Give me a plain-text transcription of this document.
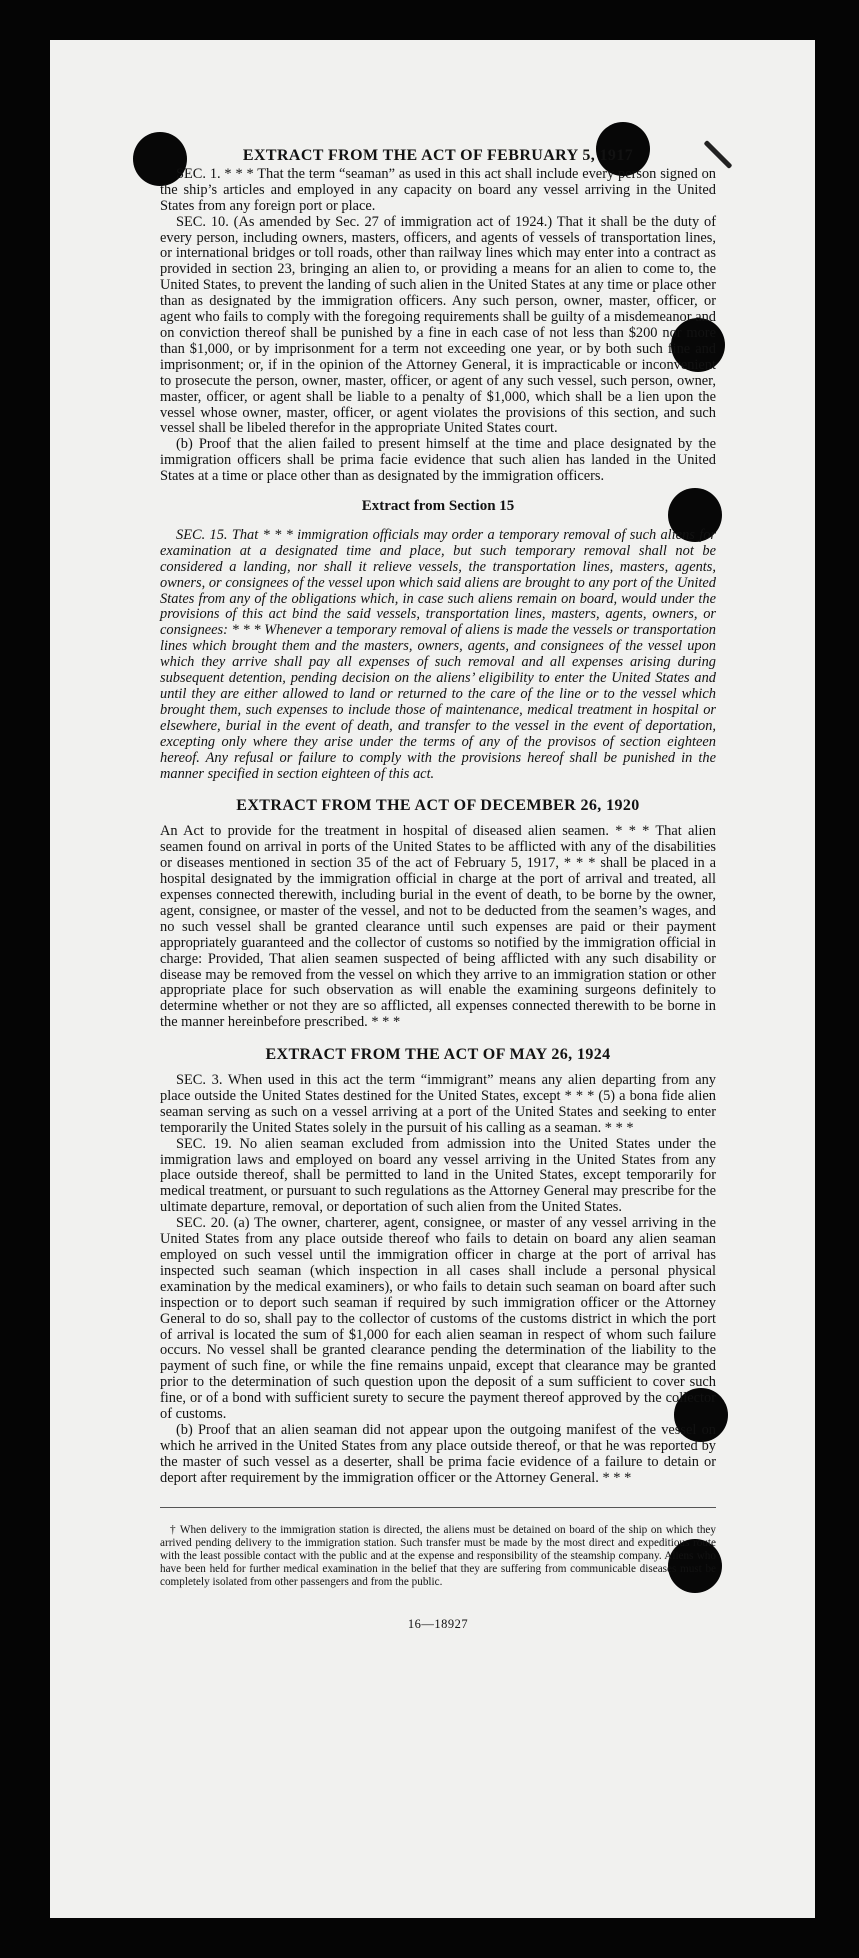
EXTRACT FROM THE ACT OF FEBRUARY 5, 1917

SEC. 1. * * * That the term “seaman” as used in this act shall include every person signed on the ship’s articles and employed in any capacity on board any vessel arriving in the United States from any foreign port or place.

SEC. 10. (As amended by Sec. 27 of immigration act of 1924.) That it shall be the duty of every person, including owners, masters, officers, and agents of vessels of transportation lines, or international bridges or toll roads, other than railway lines which may enter into a contract as provided in section 23, bringing an alien to, or providing a means for an alien to come to, the United States, to prevent the landing of such alien in the United States at any time or place other than as designated by the immigration officers. Any such person, owner, master, officer, or agent who fails to comply with the foregoing requirements shall be guilty of a misdemeanor and on conviction thereof shall be punished by a fine in each case of not less than $200 nor more than $1,000, or by imprisonment for a term not exceeding one year, or by both such fine and imprisonment; or, if in the opinion of the Attorney General, it is impracticable or inconvenient to prosecute the person, owner, master, officer, or agent of any such vessel, such person, owner, master, officer, or agent shall be liable to a penalty of $1,000, which shall be a lien upon the vessel whose owner, master, officer, or agent violates the provisions of this section, and such vessel shall be libeled therefor in the appropriate United States court.

(b) Proof that the alien failed to present himself at the time and place designated by the immigration officers shall be prima facie evidence that such alien has landed in the United States at a time or place other than as designated by the immigration officers.

Extract from Section 15

SEC. 15. That * * * immigration officials may order a temporary removal of such aliens for examination at a designated time and place, but such temporary removal shall not be considered a landing, nor shall it relieve vessels, the transportation lines, masters, agents, owners, or consignees of the vessel upon which said aliens are brought to any port of the United States from any of the obligations which, in case such aliens remain on board, would under the provisions of this act bind the said vessels, transportation lines, masters, agents, owners, or consignees: * * * Whenever a temporary removal of aliens is made the vessels or transportation lines which brought them and the masters, owners, agents, and consignees of the vessel upon which they arrive shall pay all expenses of such removal and all expenses arising during subsequent detention, pending decision on the aliens’ eligibility to enter the United States and until they are either allowed to land or returned to the care of the line or to the vessel which brought them, such expenses to include those of maintenance, medical treatment in hospital or elsewhere, burial in the event of death, and transfer to the vessel in the event of deportation, excepting only where they arise under the terms of any of the provisos of section eighteen hereof. Any refusal or failure to comply with the provisions hereof shall be punished in the manner specified in section eighteen of this act.

EXTRACT FROM THE ACT OF DECEMBER 26, 1920

An Act to provide for the treatment in hospital of diseased alien seamen. * * * That alien seamen found on arrival in ports of the United States to be afflicted with any of the disabilities or diseases mentioned in section 35 of the act of February 5, 1917, * * * shall be placed in a hospital designated by the immigration official in charge at the port of arrival and treated, all expenses connected therewith, including burial in the event of death, to be borne by the owner, agent, consignee, or master of the vessel, and not to be deducted from the seamen’s wages, and no such vessel shall be granted clearance until such expenses are paid or their payment appropriately guaranteed and the collector of customs so notified by the immigration official in charge: Provided, That alien seamen suspected of being afflicted with any such disability or disease may be removed from the vessel on which they arrive to an immigration station or other appropriate place for such observation as will enable the examining surgeons definitely to determine whether or not they are so afflicted, all expenses connected therewith to be borne in the manner hereinbefore prescribed. * * *

EXTRACT FROM THE ACT OF MAY 26, 1924

SEC. 3. When used in this act the term “immigrant” means any alien departing from any place outside the United States destined for the United States, except * * * (5) a bona fide alien seaman serving as such on a vessel arriving at a port of the United States and seeking to enter temporarily the United States solely in the pursuit of his calling as a seaman. * * *

SEC. 19. No alien seaman excluded from admission into the United States under the immigration laws and employed on board any vessel arriving in the United States from any place outside thereof, shall be permitted to land in the United States, except temporarily for medical treatment, or pursuant to such regulations as the Attorney General may prescribe for the ultimate departure, removal, or deportation of such alien from the United States.

SEC. 20. (a) The owner, charterer, agent, consignee, or master of any vessel arriving in the United States from any place outside thereof who fails to detain on board any alien seaman employed on such vessel until the immigration officer in charge at the port of arrival has inspected such seaman (which inspection in all cases shall include a personal physical examination by the medical examiners), or who fails to detain such seaman on board after such inspection or to deport such seaman if required by such immigration officer or the Attorney General to do so, shall pay to the collector of customs of the customs district in which the port of arrival is located the sum of $1,000 for each alien seaman in respect of whom such failure occurs. No vessel shall be granted clearance pending the determination of the liability to the payment of such fine, or while the fine remains unpaid, except that clearance may be granted prior to the determination of such question upon the deposit of a sum sufficient to cover such fine, or of a bond with sufficient surety to secure the payment thereof approved by the collector of customs.

(b) Proof that an alien seaman did not appear upon the outgoing manifest of the vessel on which he arrived in the United States from any place outside thereof, or that he was reported by the master of such vessel as a deserter, shall be prima facie evidence of a failure to detain or deport after requirement by the immigration officer or the Attorney General. * * *

† When delivery to the immigration station is directed, the aliens must be detained on board of the ship on which they arrived pending delivery to the immigration station. Such transfer must be made by the most direct and expeditious route with the least possible contact with the public and at the expense and responsibility of the steamship company. Aliens who have been held for further medical examination in the belief that they are suffering from communicable diseases must be completely isolated from other passengers and from the public.

16—18927
